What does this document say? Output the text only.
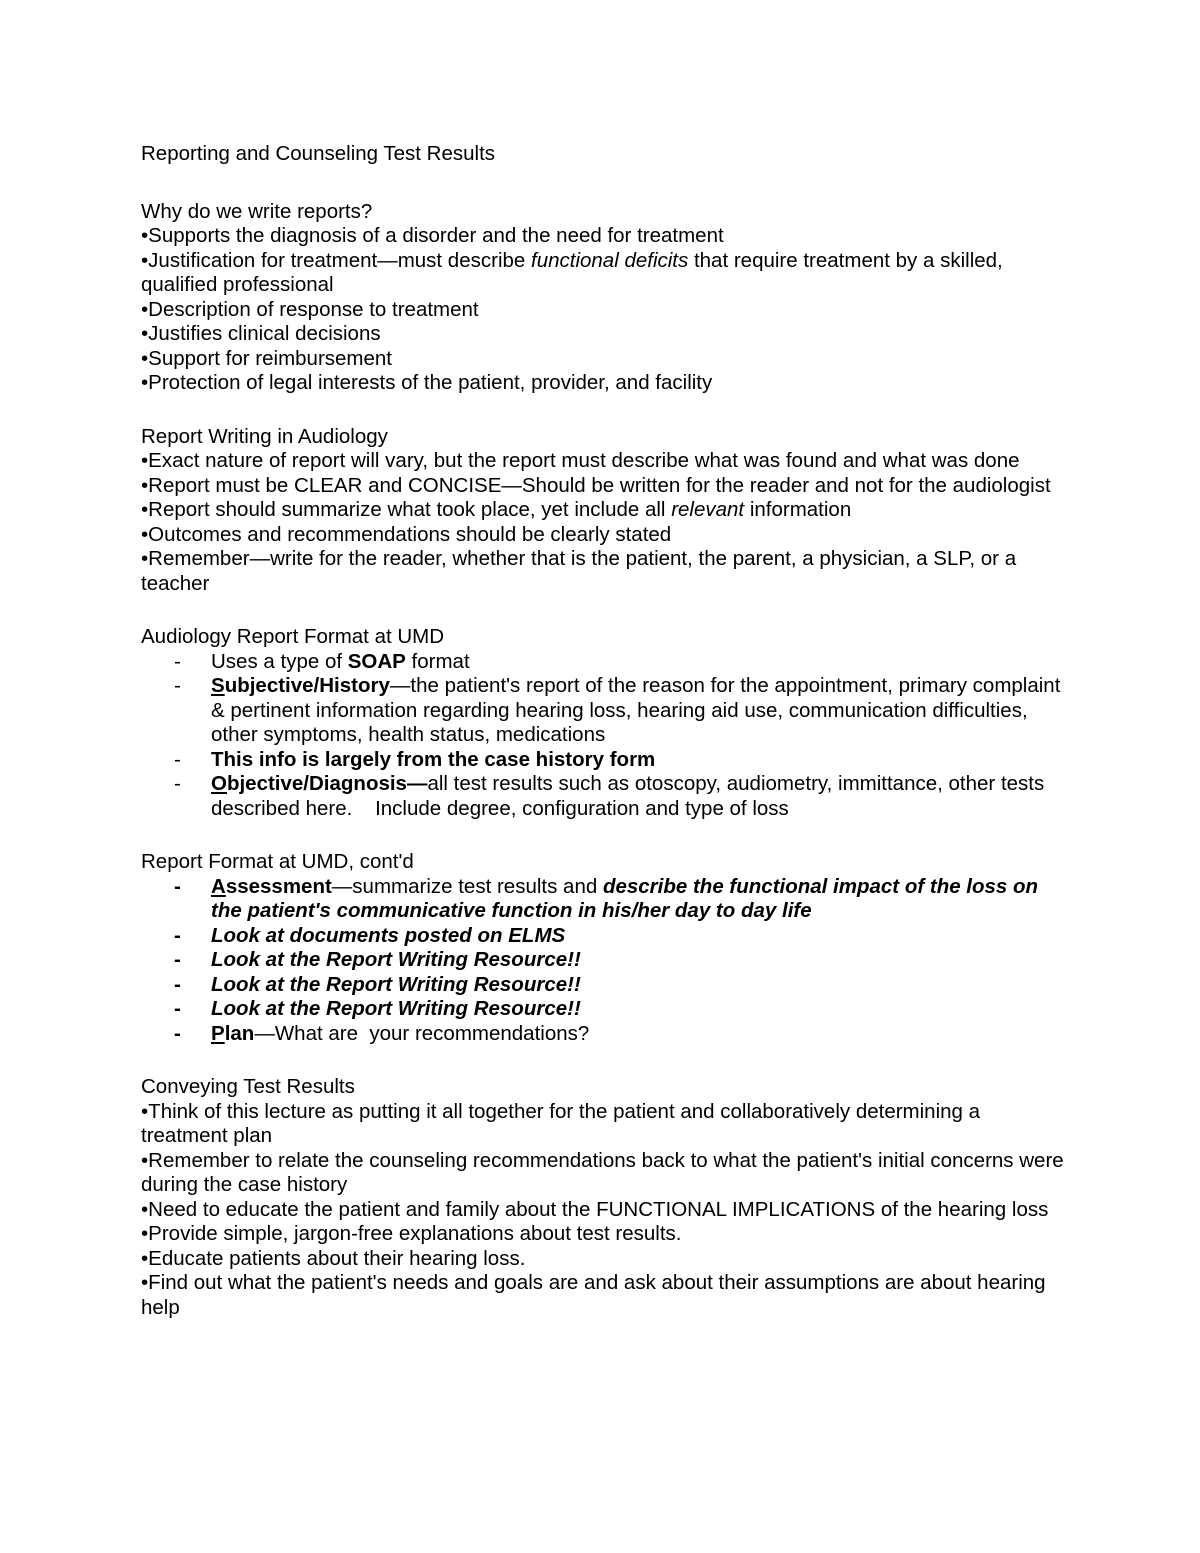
Reporting and Counseling Test Results
Why do we write reports?
•Supports the diagnosis of a disorder and the need for treatment
•Justification for treatment—must describe functional deficits that require treatment by a skilled, qualified professional
•Description of response to treatment
•Justifies clinical decisions
•Support for reimbursement
•Protection of legal interests of the patient, provider, and facility
Report Writing in Audiology
•Exact nature of report will vary, but the report must describe what was found and what was done
•Report must be CLEAR and CONCISE—Should be written for the reader and not for the audiologist
•Report should summarize what took place, yet include all relevant information
•Outcomes and recommendations should be clearly stated
•Remember—write for the reader, whether that is the patient, the parent, a physician, a SLP, or a teacher
Audiology Report Format at UMD
- Uses a type of SOAP format
- Subjective/History—the patient's report of the reason for the appointment, primary complaint & pertinent information regarding hearing loss, hearing aid use, communication difficulties, other symptoms, health status, medications
- This info is largely from the case history form
- Objective/Diagnosis—all test results such as otoscopy, audiometry, immittance, other tests described here.    Include degree, configuration and type of loss
Report Format at UMD, cont'd
- Assessment—summarize test results and describe the functional impact of the loss on the patient's communicative function in his/her day to day life
- Look at documents posted on ELMS
- Look at the Report Writing Resource!!
- Look at the Report Writing Resource!!
- Look at the Report Writing Resource!!
- Plan—What are  your recommendations?
Conveying Test Results
•Think of this lecture as putting it all together for the patient and collaboratively determining a treatment plan
•Remember to relate the counseling recommendations back to what the patient's initial concerns were during the case history
•Need to educate the patient and family about the FUNCTIONAL IMPLICATIONS of the hearing loss
•Provide simple, jargon-free explanations about test results.
•Educate patients about their hearing loss.
•Find out what the patient's needs and goals are and ask about their assumptions are about hearing help
